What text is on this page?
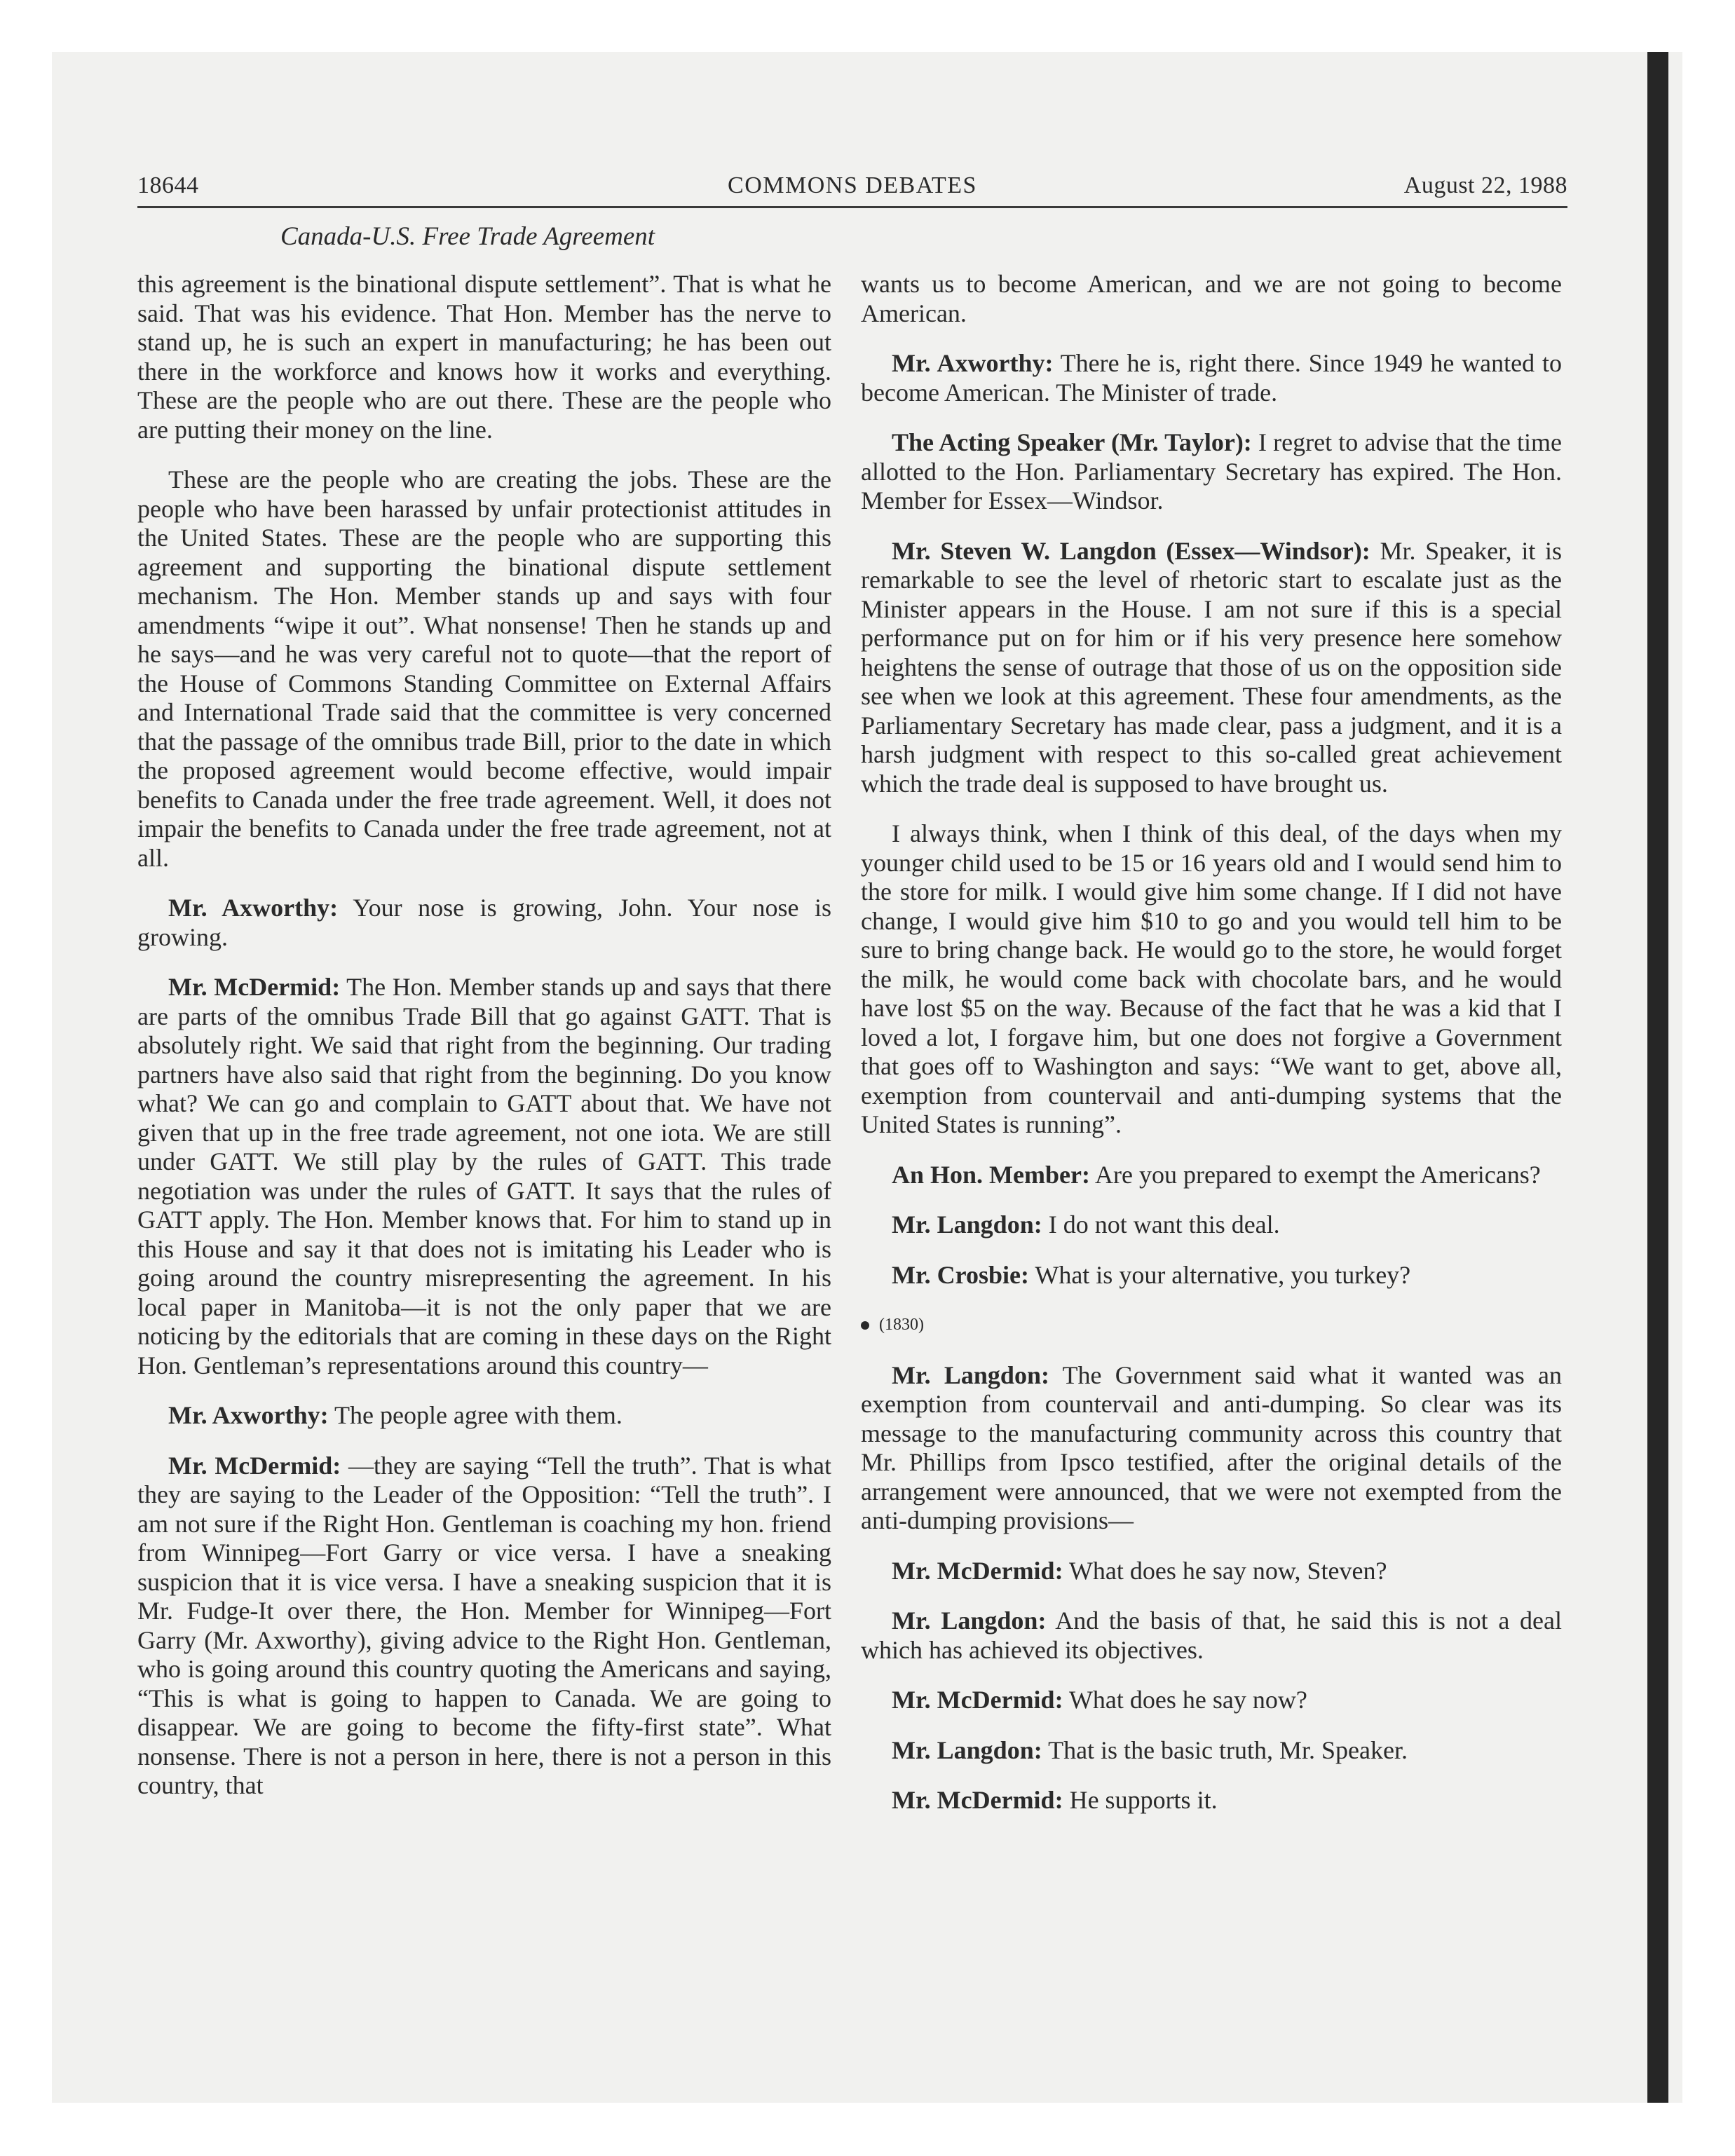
18644	COMMONS DEBATES	August 22, 1988
Canada-U.S. Free Trade Agreement

this agreement is the binational dispute settlement”. That is what he said. That was his evidence. That Hon. Member has the nerve to stand up, he is such an expert in manufacturing; he has been out there in the workforce and knows how it works and everything. These are the people who are out there. These are the people who are putting their money on the line.

These are the people who are creating the jobs. These are the people who have been harassed by unfair protectionist attitudes in the United States. These are the people who are supporting this agreement and supporting the binational dispute settlement mechanism. The Hon. Member stands up and says with four amendments “wipe it out”. What nonsense! Then he stands up and he says—and he was very careful not to quote—that the report of the House of Commons Standing Committee on External Affairs and International Trade said that the committee is very concerned that the passage of the omnibus trade Bill, prior to the date in which the proposed agreement would become effective, would impair benefits to Canada under the free trade agreement. Well, it does not impair the benefits to Canada under the free trade agreement, not at all.

Mr. Axworthy: Your nose is growing, John. Your nose is growing.

Mr. McDermid: The Hon. Member stands up and says that there are parts of the omnibus Trade Bill that go against GATT. That is absolutely right. We said that right from the beginning. Our trading partners have also said that right from the beginning. Do you know what? We can go and complain to GATT about that. We have not given that up in the free trade agreement, not one iota. We are still under GATT. We still play by the rules of GATT. This trade negotiation was under the rules of GATT. It says that the rules of GATT apply. The Hon. Member knows that. For him to stand up in this House and say it that does not is imitating his Leader who is going around the country misrepresenting the agreement. In his local paper in Manitoba—it is not the only paper that we are noticing by the editorials that are coming in these days on the Right Hon. Gentleman’s representations around this country—

Mr. Axworthy: The people agree with them.

Mr. McDermid: —they are saying “Tell the truth”. That is what they are saying to the Leader of the Opposition: “Tell the truth”. I am not sure if the Right Hon. Gentleman is coaching my hon. friend from Winnipeg—Fort Garry or vice versa. I have a sneaking suspicion that it is vice versa. I have a sneaking suspicion that it is Mr. Fudge-It over there, the Hon. Member for Winnipeg—Fort Garry (Mr. Axworthy), giving advice to the Right Hon. Gentleman, who is going around this country quoting the Americans and saying, “This is what is going to happen to Canada. We are going to disappear. We are going to become the fifty-first state”. What nonsense. There is not a person in here, there is not a person in this country, that

wants us to become American, and we are not going to become American.

Mr. Axworthy: There he is, right there. Since 1949 he wanted to become American. The Minister of trade.

The Acting Speaker (Mr. Taylor): I regret to advise that the time allotted to the Hon. Parliamentary Secretary has expired. The Hon. Member for Essex—Windsor.

Mr. Steven W. Langdon (Essex—Windsor): Mr. Speaker, it is remarkable to see the level of rhetoric start to escalate just as the Minister appears in the House. I am not sure if this is a special performance put on for him or if his very presence here somehow heightens the sense of outrage that those of us on the opposition side see when we look at this agreement. These four amendments, as the Parliamentary Secretary has made clear, pass a judgment, and it is a harsh judgment with respect to this so-called great achievement which the trade deal is supposed to have brought us.

I always think, when I think of this deal, of the days when my younger child used to be 15 or 16 years old and I would send him to the store for milk. I would give him some change. If I did not have change, I would give him $10 to go and you would tell him to be sure to bring change back. He would go to the store, he would forget the milk, he would come back with chocolate bars, and he would have lost $5 on the way. Because of the fact that he was a kid that I loved a lot, I forgave him, but one does not forgive a Government that goes off to Washington and says: “We want to get, above all, exemption from countervail and anti-dumping systems that the United States is running”.

An Hon. Member: Are you prepared to exempt the Americans?

Mr. Langdon: I do not want this deal.

Mr. Crosbie: What is your alternative, you turkey?

(1830)

Mr. Langdon: The Government said what it wanted was an exemption from countervail and anti-dumping. So clear was its message to the manufacturing community across this country that Mr. Phillips from Ipsco testified, after the original details of the arrangement were announced, that we were not exempted from the anti-dumping provisions—

Mr. McDermid: What does he say now, Steven?

Mr. Langdon: And the basis of that, he said this is not a deal which has achieved its objectives.

Mr. McDermid: What does he say now?

Mr. Langdon: That is the basic truth, Mr. Speaker.

Mr. McDermid: He supports it.
